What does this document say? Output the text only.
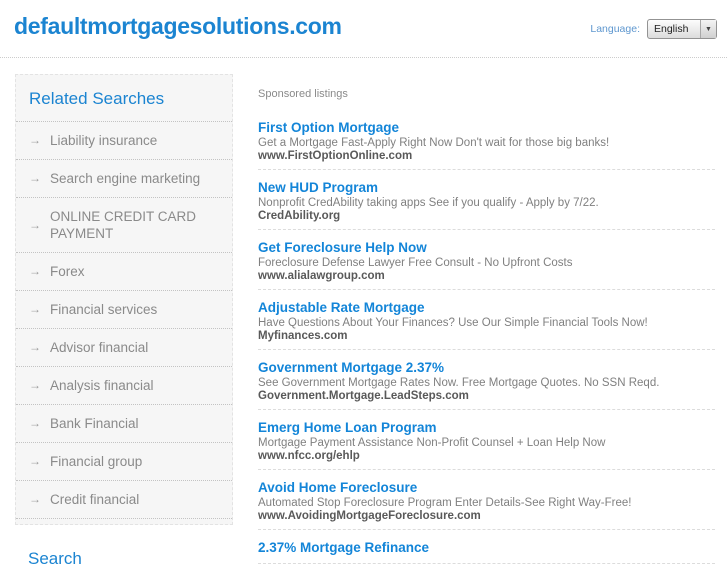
defaultmortgagesolutions.com	Language:	English	▼
Related Searches
→ Liability insurance
→ Search engine marketing
→
ONLINE CREDIT CARD PAYMENT
→ Forex
→ Financial services
→ Advisor financial
→ Analysis financial
→ Bank Financial
→ Financial group
→ Credit financial
Search
Sponsored listings
First Option Mortgage
Get a Mortgage Fast-Apply Right Now Don't wait for those big banks!
www.FirstOptionOnline.com
New HUD Program
Nonprofit CredAbility taking apps See if you qualify - Apply by 7/22.
CredAbility.org
Get Foreclosure Help Now
Foreclosure Defense Lawyer Free Consult - No Upfront Costs
www.alialawgroup.com
Adjustable Rate Mortgage
Have Questions About Your Finances? Use Our Simple Financial Tools Now!
Myfinances.com
Government Mortgage 2.37%
See Government Mortgage Rates Now. Free Mortgage Quotes. No SSN Reqd.
Government.Mortgage.LeadSteps.com
Emerg Home Loan Program
Mortgage Payment Assistance Non-Profit Counsel + Loan Help Now
www.nfcc.org/ehlp
Avoid Home Foreclosure
Automated Stop Foreclosure Program Enter Details-See Right Way-Free!
www.AvoidingMortgageForeclosure.com
2.37% Mortgage Refinance
